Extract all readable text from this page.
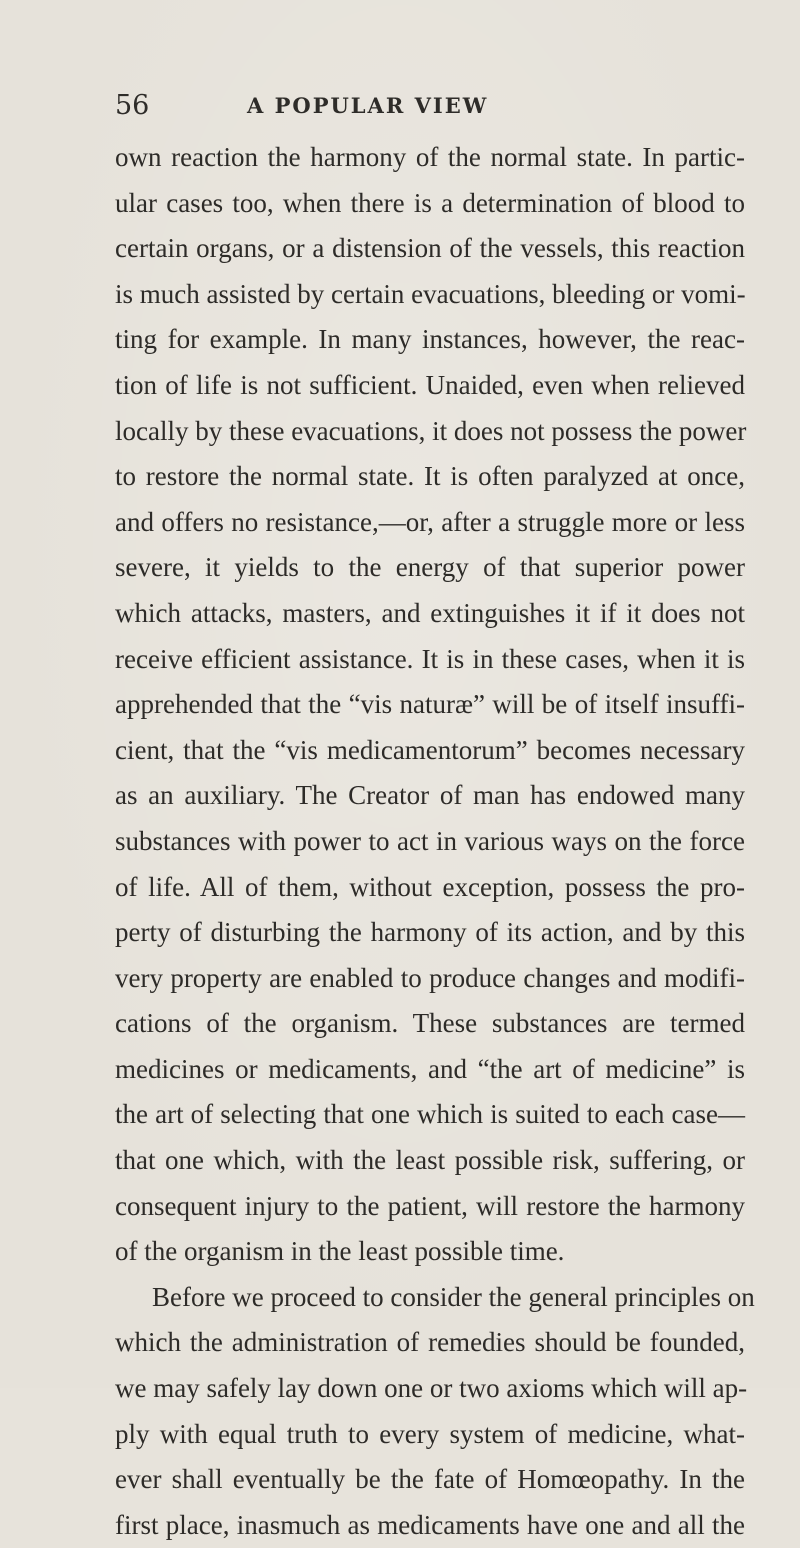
56	A POPULAR VIEW
own reaction the harmony of the normal state. In partic-
ular cases too, when there is a determination of blood to
certain organs, or a distension of the vessels, this reaction
is much assisted by certain evacuations, bleeding or vomi-
ting for example. In many instances, however, the reac-
tion of life is not sufficient. Unaided, even when relieved
locally by these evacuations, it does not possess the power
to restore the normal state. It is often paralyzed at once,
and offers no resistance,—or, after a struggle more or less
severe, it yields to the energy of that superior power
which attacks, masters, and extinguishes it if it does not
receive efficient assistance. It is in these cases, when it is
apprehended that the “vis naturæ” will be of itself insuffi-
cient, that the “vis medicamentorum” becomes necessary
as an auxiliary. The Creator of man has endowed many
substances with power to act in various ways on the force
of life. All of them, without exception, possess the pro-
perty of disturbing the harmony of its action, and by this
very property are enabled to produce changes and modifi-
cations of the organism. These substances are termed
medicines or medicaments, and “the art of medicine” is
the art of selecting that one which is suited to each case—
that one which, with the least possible risk, suffering, or
consequent injury to the patient, will restore the harmony
of the organism in the least possible time.
Before we proceed to consider the general principles on
which the administration of remedies should be founded,
we may safely lay down one or two axioms which will ap-
ply with equal truth to every system of medicine, what-
ever shall eventually be the fate of Homœopathy. In the
first place, inasmuch as medicaments have one and all the
